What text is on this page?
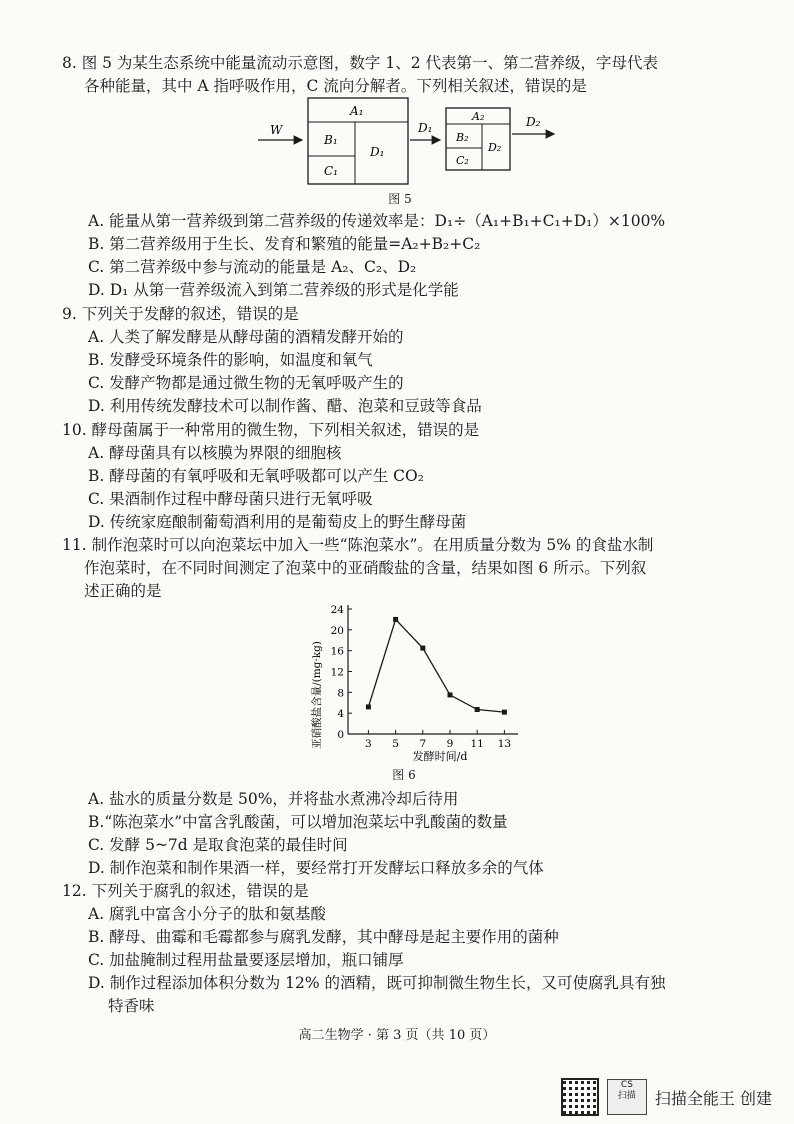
8. 图 5 为某生态系统中能量流动示意图，数字 1、2 代表第一、第二营养级，字母代表

各种能量，其中 A 指呼吸作用，C 流向分解者。下列相关叙述，错误的是

W
A₁
B₁
C₁
D₁
D₁
A₂
B₂
C₂
D₂
D₂
图 5

A. 能量从第一营养级到第二营养级的传递效率是：D₁÷（A₁+B₁+C₁+D₁）×100%

B. 第二营养级用于生长、发育和繁殖的能量=A₂+B₂+C₂

C. 第二营养级中参与流动的能量是 A₂、C₂、D₂

D. D₁ 从第一营养级流入到第二营养级的形式是化学能

9. 下列关于发酵的叙述，错误的是

A. 人类了解发酵是从酵母菌的酒精发酵开始的

B. 发酵受环境条件的影响，如温度和氧气

C. 发酵产物都是通过微生物的无氧呼吸产生的

D. 利用传统发酵技术可以制作酱、醋、泡菜和豆豉等食品

10. 酵母菌属于一种常用的微生物，下列相关叙述，错误的是

A. 酵母菌具有以核膜为界限的细胞核

B. 酵母菌的有氧呼吸和无氧呼吸都可以产生 CO₂

C. 果酒制作过程中酵母菌只进行无氧呼吸

D. 传统家庭酿制葡萄酒利用的是葡萄皮上的野生酵母菌

11. 制作泡菜时可以向泡菜坛中加入一些“陈泡菜水”。在用质量分数为 5% 的食盐水制

作泡菜时，在不同时间测定了泡菜中的亚硝酸盐的含量，结果如图 6 所示。下列叙

述正确的是

0
4
8
12
16
20
24
3 5 7 9 11 13
亚硝酸盐含量/(mg·kg)
发酵时间/d
图 6

A. 盐水的质量分数是 50%，并将盐水煮沸冷却后待用

B.“陈泡菜水”中富含乳酸菌，可以增加泡菜坛中乳酸菌的数量

C. 发酵 5~7d 是取食泡菜的最佳时间

D. 制作泡菜和制作果酒一样，要经常打开发酵坛口释放多余的气体

12. 下列关于腐乳的叙述，错误的是

A. 腐乳中富含小分子的肽和氨基酸

B. 酵母、曲霉和毛霉都参与腐乳发酵，其中酵母是起主要作用的菌种

C. 加盐腌制过程用盐量要逐层增加，瓶口铺厚

D. 制作过程添加体积分数为 12% 的酒精，既可抑制微生物生长，又可使腐乳具有独

特香味

高二生物学 · 第 3 页（共 10 页）
CS
扫描	扫描全能王 创建
